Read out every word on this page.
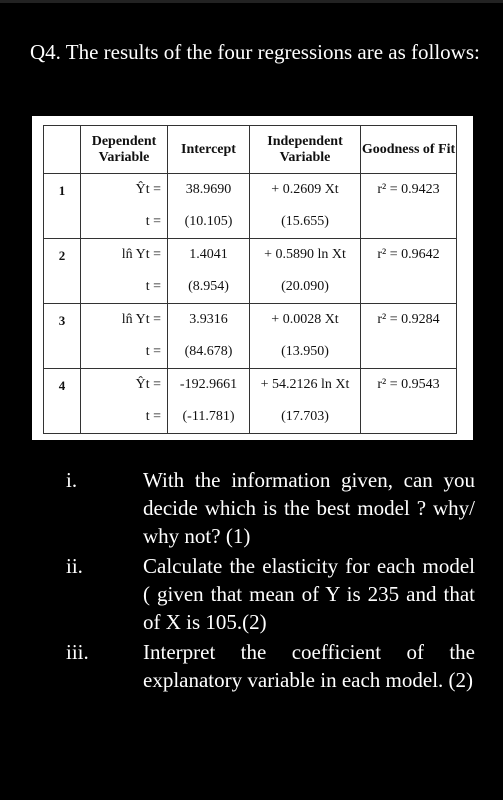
Q4. The results of the four regressions are as follows:
	Dependent Variable	Intercept	Independent Variable	Goodness of Fit
1	Ŷt =	38.9690	+ 0.2609 Xt	r² = 0.9423
	t =	(10.105)	(15.655)	
2	ln̂ Yt =	1.4041	+ 0.5890 ln Xt	r² = 0.9642
	t =	(8.954)	(20.090)	
3	ln̂ Yt =	3.9316	+ 0.0028 Xt	r² = 0.9284
	t =	(84.678)	(13.950)	
4	Ŷt =	-192.9661	+ 54.2126 ln Xt	r² = 0.9543
	t =	(-11.781)	(17.703)	
i.	With the information given, can you decide which is the best model ? why/ why not? (1)
ii.	Calculate the elasticity for each model ( given that mean of Y is 235 and that of X is 105.(2)
iii.	Interpret the coefficient of the explanatory variable in each model. (2)
